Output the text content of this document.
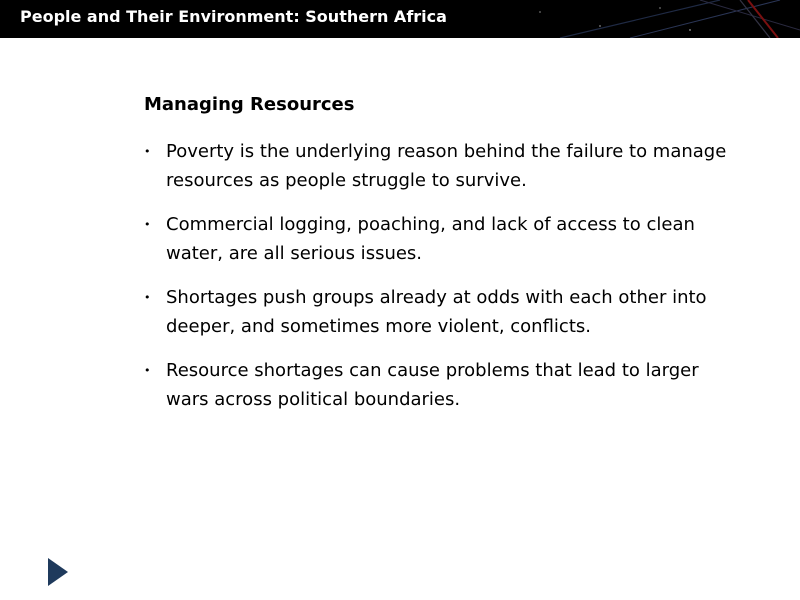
People and Their Environment: Southern Africa
Managing Resources
• Poverty is the underlying reason behind the failure to manage resources as people struggle to survive.
• Commercial logging, poaching, and lack of access to clean water, are all serious issues.
• Shortages push groups already at odds with each other into deeper, and sometimes more violent, conflicts.
• Resource shortages can cause problems that lead to larger wars across political boundaries.
